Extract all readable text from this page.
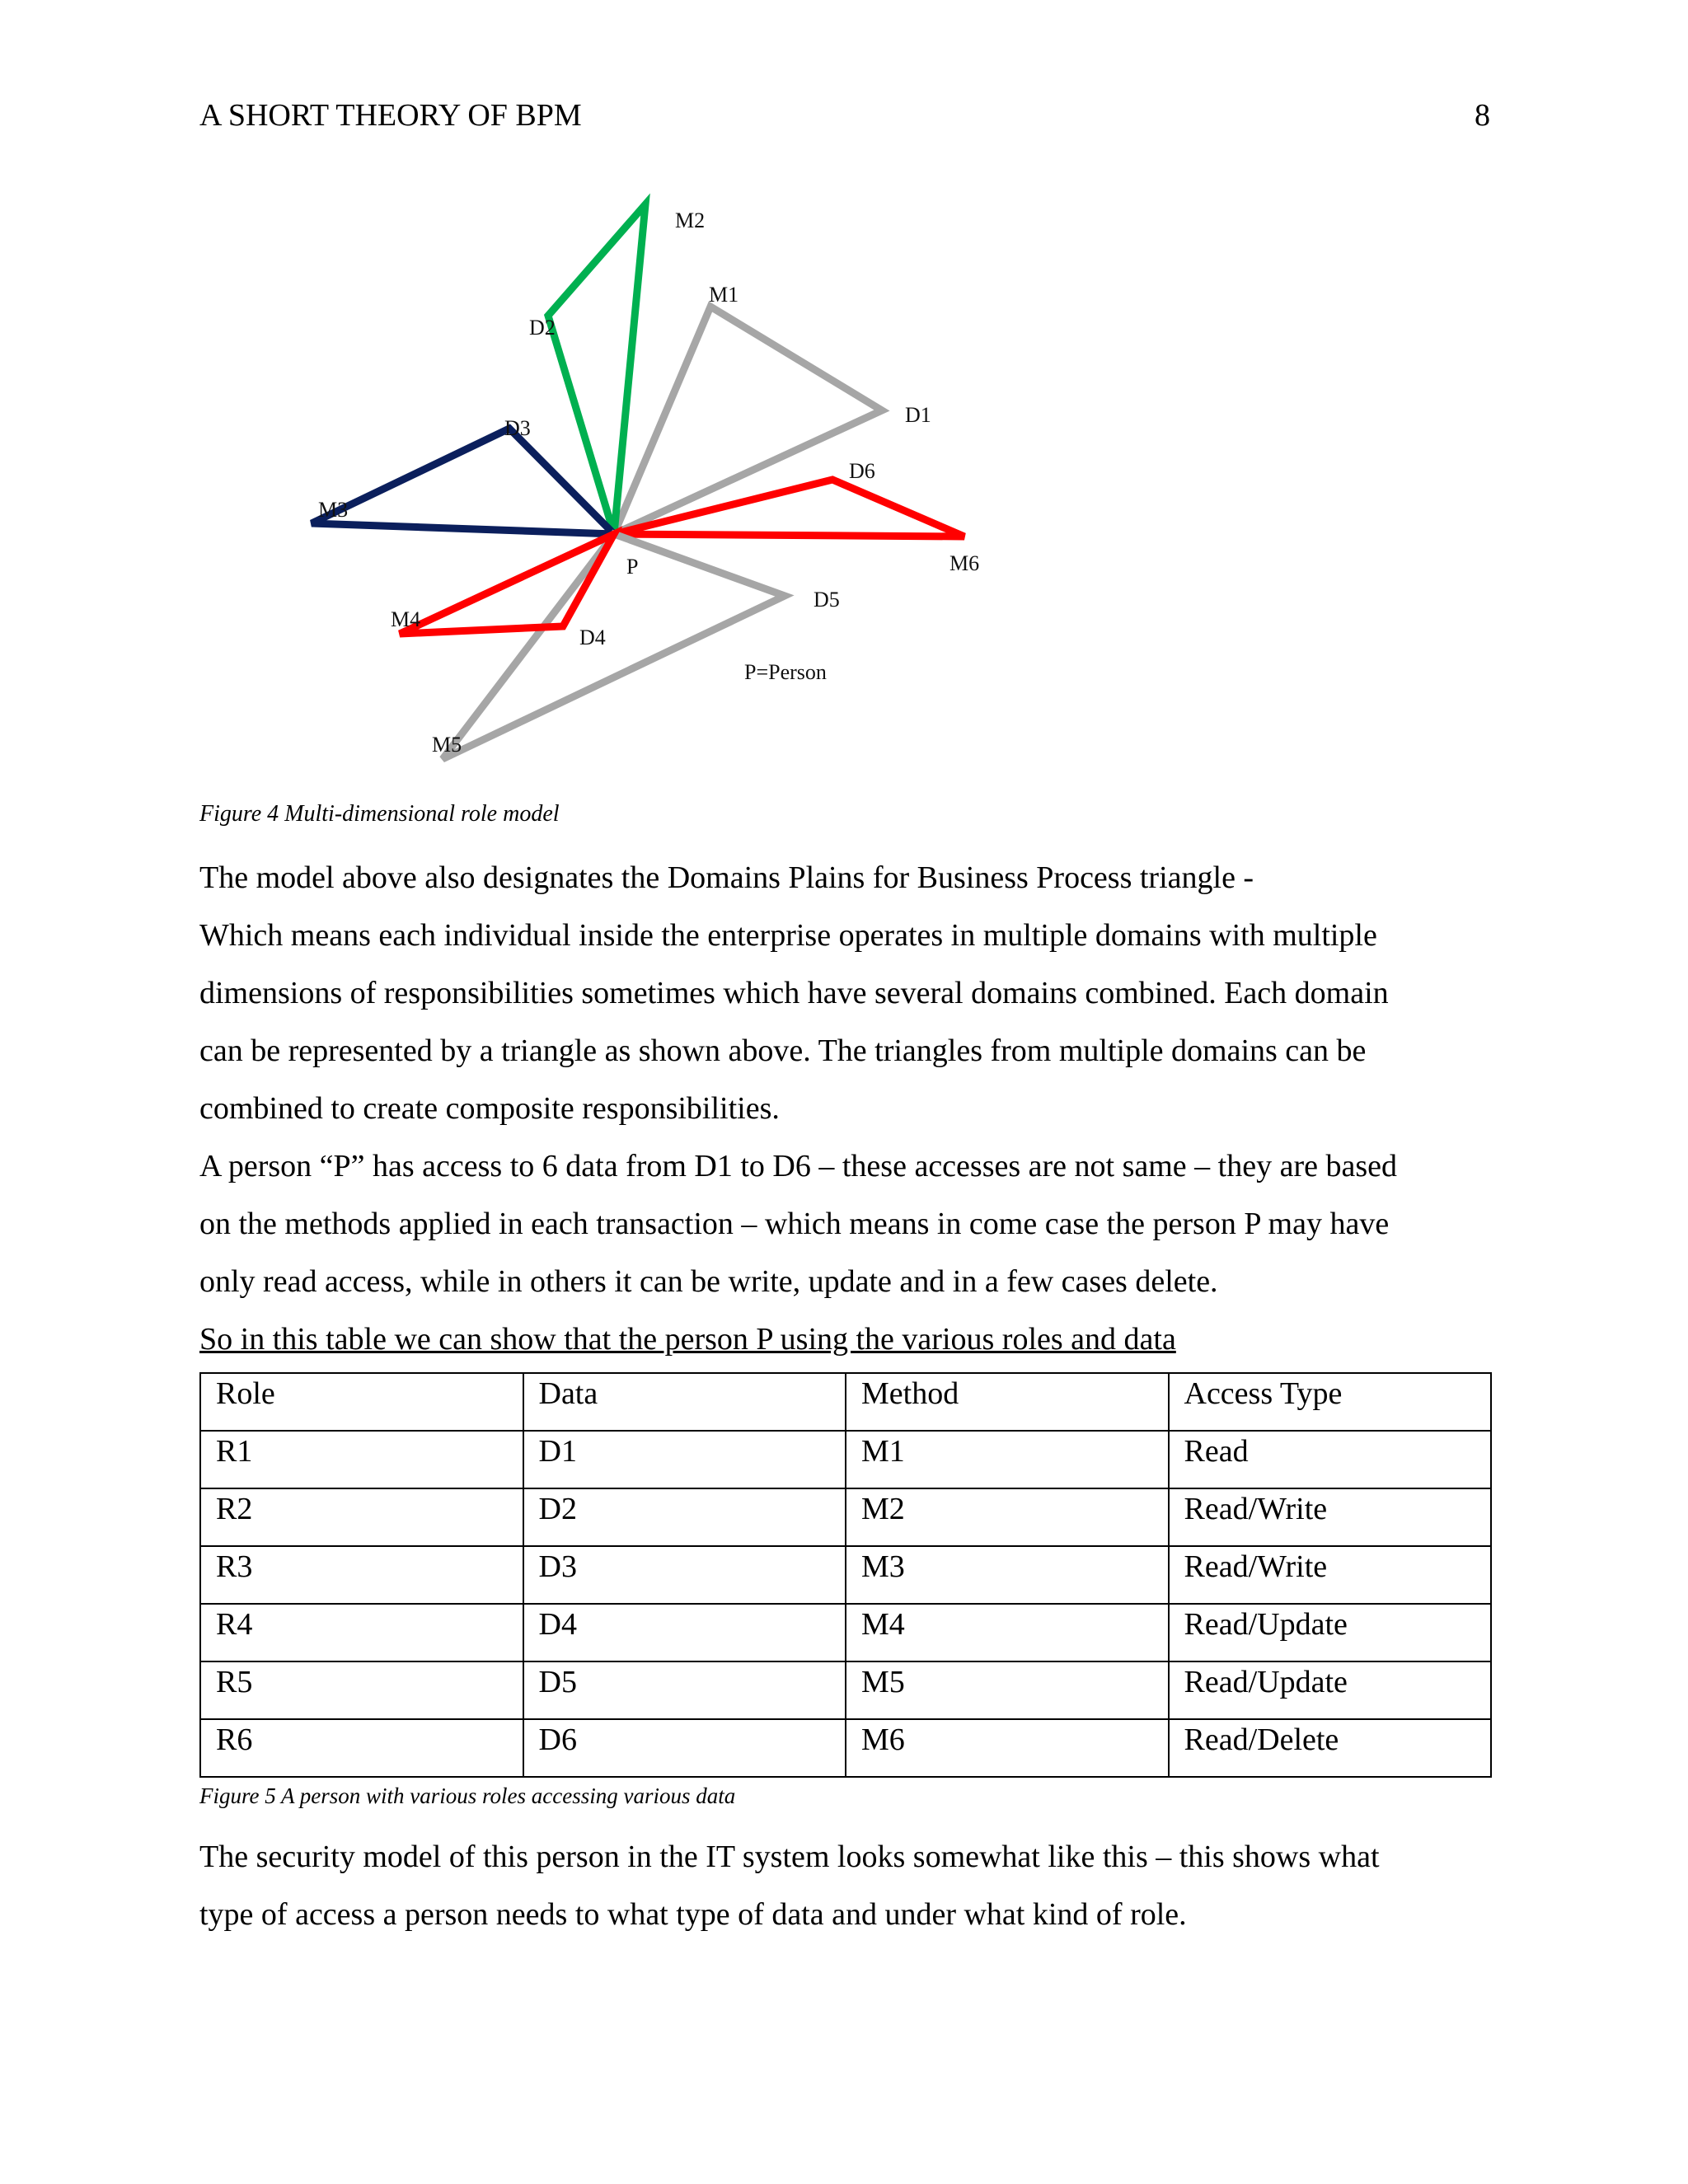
A SHORT THEORY OF BPM	8
M2
M1
D2
D1
D3
D6
M3
P	M6
D5
M4
D4
P=Person
M5
Figure 4 Multi-dimensional role model

The model above also designates the Domains Plains for Business Process triangle -

Which means each individual inside the enterprise operates in multiple domains with multiple

dimensions of responsibilities sometimes which have several domains combined. Each domain

can be represented by a triangle as shown above. The triangles from multiple domains can be

combined to create composite responsibilities.

A person “P” has access to 6 data from D1 to D6 – these accesses are not same – they are based

on the methods applied in each transaction – which means in come case the person P may have

only read access, while in others it can be write, update and in a few cases delete.

So in this table we can show that the person P using the various roles and data

Role	Data	Method	Access Type
R1	D1	M1	Read
R2	D2	M2	Read/Write
R3	D3	M3	Read/Write
R4	D4	M4	Read/Update
R5	D5	M5	Read/Update
R6	D6	M6	Read/Delete
Figure 5 A person with various roles accessing various data

The security model of this person in the IT system looks somewhat like this – this shows what

type of access a person needs to what type of data and under what kind of role.
